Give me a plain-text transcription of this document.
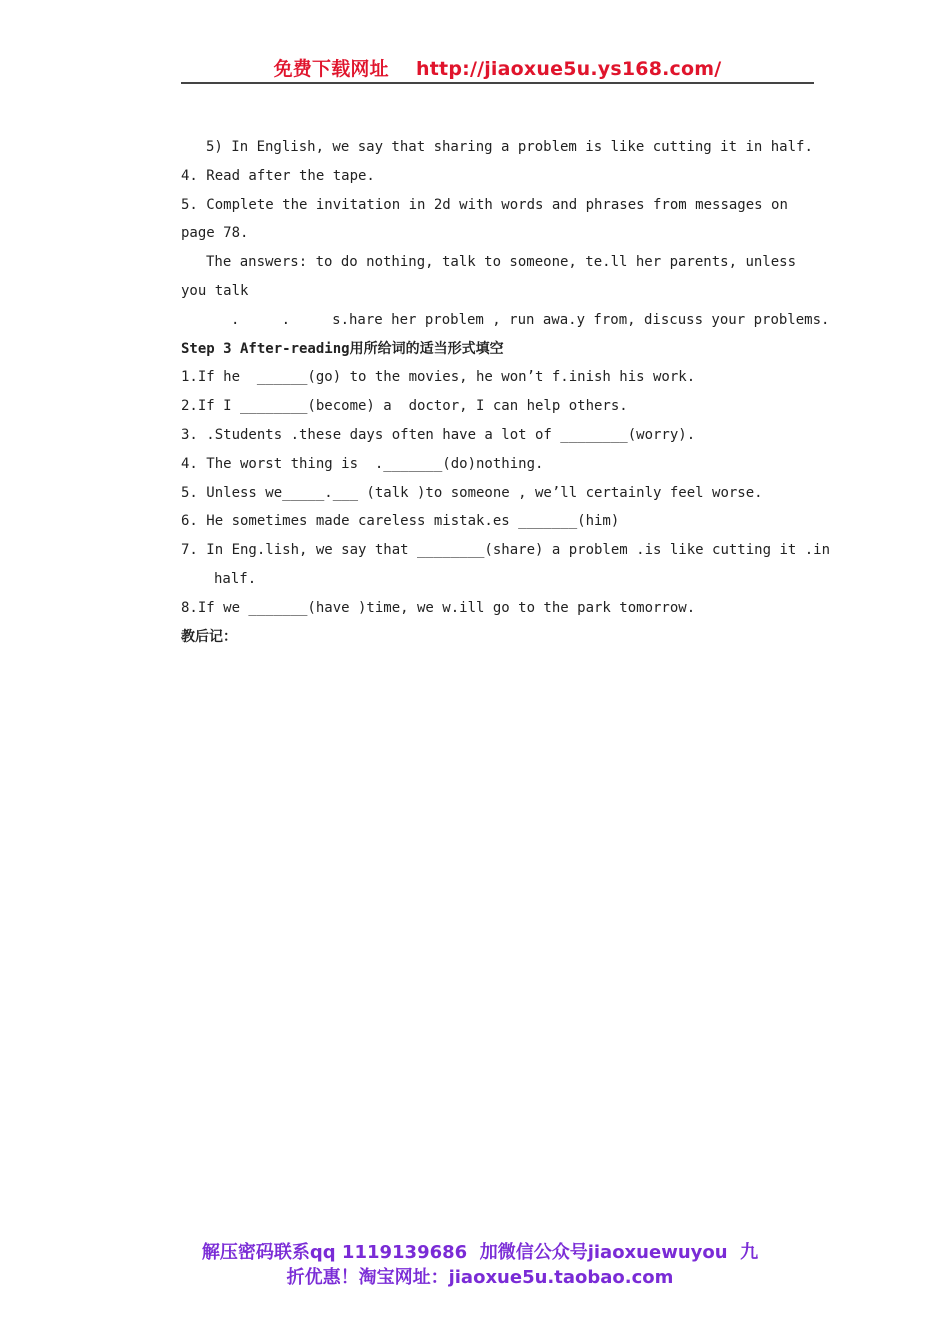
免费下载网址    http://jiaoxue5u.ys168.com/
5) In English, we say that sharing a problem is like cutting it in half.
4. Read after the tape.
5. Complete the invitation in 2d with words and phrases from messages on
page 78.
The answers: to do nothing, talk to someone, te.ll her parents, unless
you talk
.     .     s.hare her problem , run awa.y from, discuss your problems.
Step 3 After-reading用所给词的适当形式填空
1.If he  ______(go) to the movies, he won’t f.inish his work.
2.If I ________(become) a  doctor, I can help others.
3. .Students .these days often have a lot of ________(worry).
4. The worst thing is  ._______(do)nothing.
5. Unless we_____.___ (talk )to someone , we’ll certainly feel worse.
6. He sometimes made careless mistak.es _______(him)
7. In Eng.lish, we say that ________(share) a problem .is like cutting it .in
half.
8.If we _______(have )time, we w.ill go to the park tomorrow.
教后记：
解压密码联系qq 1119139686  加微信公众号jiaoxuewuyou  九
折优惠！淘宝网址：jiaoxue5u.taobao.com
